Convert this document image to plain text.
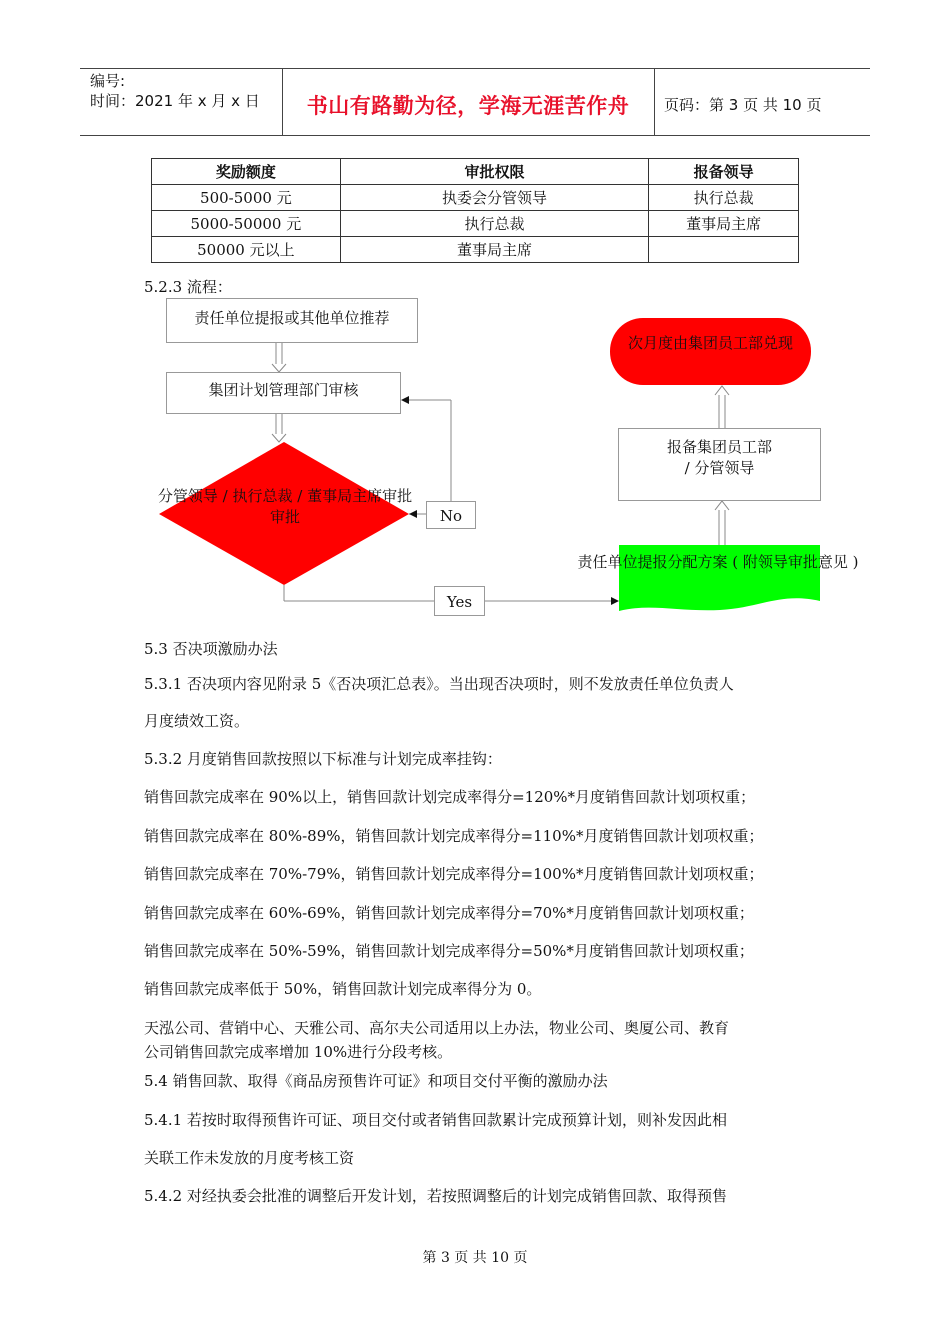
编号:
时间：2021 年 x 月 x 日	书山有路勤为径，学海无涯苦作舟	页码：第 3 页 共 10 页
奖励额度	审批权限	报备领导
500-5000 元	执委会分管领导	执行总裁
5000-50000 元	执行总裁	董事局主席
50000 元以上	董事局主席	
5.2.3 流程：
责任单位提报或其他单位推荐
集团计划管理部门审核
分管领导 / 执行总裁 / 董事局主席审批
审批	No
Yes
责任单位提报分配方案 ( 附领导审批意见 )
报备集团员工部
/ 分管领导
次月度由集团员工部兑现
5.3 否决项激励办法
5.3.1 否决项内容见附录 5《否决项汇总表》。当出现否决项时，则不发放责任单位负责人
月度绩效工资。
5.3.2 月度销售回款按照以下标准与计划完成率挂钩：
销售回款完成率在 90%以上，销售回款计划完成率得分=120%*月度销售回款计划项权重；
销售回款完成率在 80%-89%，销售回款计划完成率得分=110%*月度销售回款计划项权重；
销售回款完成率在 70%-79%，销售回款计划完成率得分=100%*月度销售回款计划项权重；
销售回款完成率在 60%-69%，销售回款计划完成率得分=70%*月度销售回款计划项权重；
销售回款完成率在 50%-59%，销售回款计划完成率得分=50%*月度销售回款计划项权重；
销售回款完成率低于 50%，销售回款计划完成率得分为 0。
天泓公司、营销中心、天雅公司、高尔夫公司适用以上办法，物业公司、奥厦公司、教育
公司销售回款完成率增加 10%进行分段考核。
5.4 销售回款、取得《商品房预售许可证》和项目交付平衡的激励办法
5.4.1 若按时取得预售许可证、项目交付或者销售回款累计完成预算计划，则补发因此相
关联工作未发放的月度考核工资
5.4.2 对经执委会批准的调整后开发计划，若按照调整后的计划完成销售回款、取得预售
第 3 页 共 10 页
